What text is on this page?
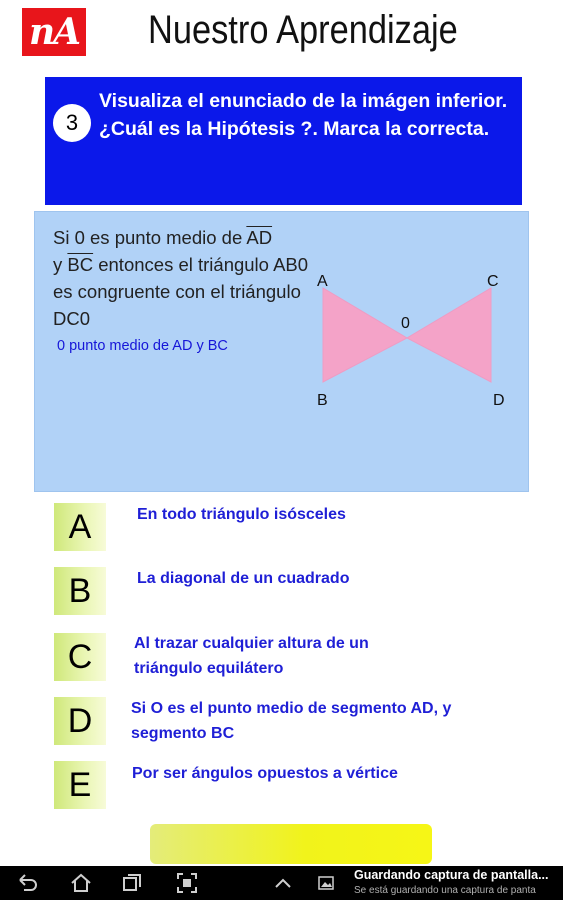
nA Nuestro Aprendizaje
3
Visualiza el enunciado de la imágen inferior.¿Cuál es la Hipótesis ?. Marca la correcta.
Si 0 es punto medio de $\overline{AD}$
y $\overline{BC}$ entonces el triángulo AB0 es congruente con el triángulo DC0
0 punto medio de AD y BC
A
B
C
D
0
A	En todo triángulo isósceles
B	La diagonal de un cuadrado
C	Al trazar cualquier altura de un triángulo equilátero
D	Si O es el punto medio de segmento AD, y segmento BC
E	Por ser ángulos opuestos a vértice
Guardando captura de pantalla...
Se está guardando una captura de panta
